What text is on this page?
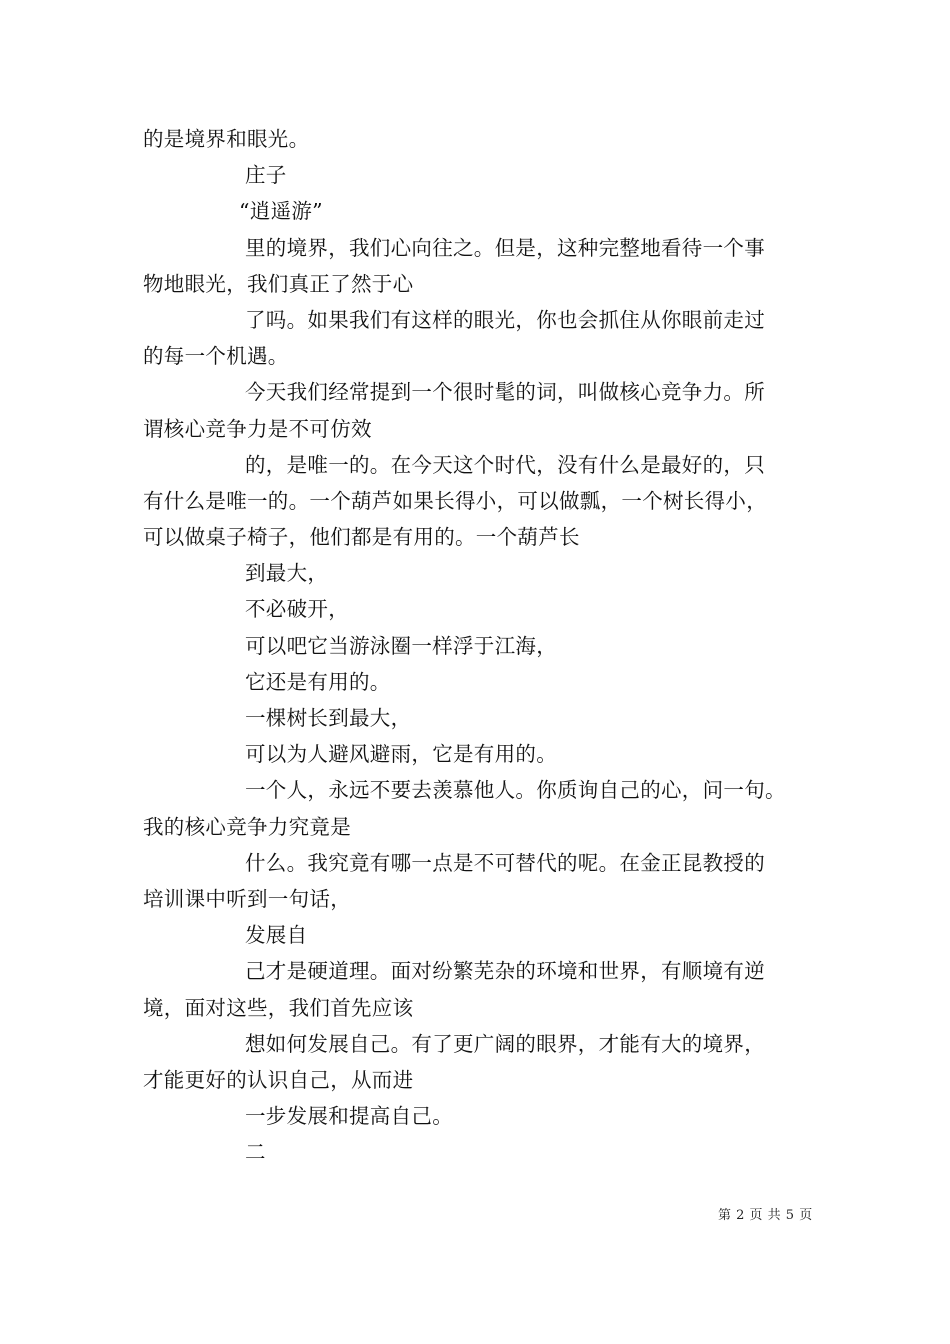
的是境界和眼光。
庄子
“逍遥游”
里的境界，我们心向往之。但是，这种完整地看待一个事
物地眼光，我们真正了然于心
了吗。如果我们有这样的眼光，你也会抓住从你眼前走过
的每一个机遇。
今天我们经常提到一个很时髦的词，叫做核心竞争力。所
谓核心竞争力是不可仿效
的，是唯一的。在今天这个时代，没有什么是最好的，只
有什么是唯一的。一个葫芦如果长得小，可以做瓢，一个树长得小，
可以做桌子椅子，他们都是有用的。一个葫芦长
到最大，
不必破开，
可以吧它当游泳圈一样浮于江海，
它还是有用的。
一棵树长到最大，
可以为人避风避雨，它是有用的。
一个人，永远不要去羡慕他人。你质询自己的心，问一句。
我的核心竞争力究竟是
什么。我究竟有哪一点是不可替代的呢。在金正昆教授的
培训课中听到一句话，
发展自
己才是硬道理。面对纷繁芜杂的环境和世界，有顺境有逆
境，面对这些，我们首先应该
想如何发展自己。有了更广阔的眼界，才能有大的境界，
才能更好的认识自己，从而进
一步发展和提高自己。
二
第 2 页 共 5 页
